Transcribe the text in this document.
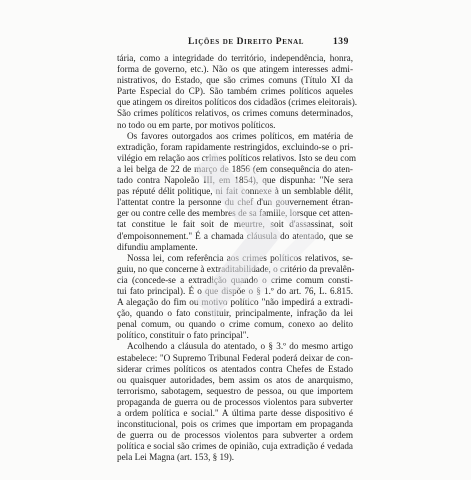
Lições de Direito Penal	139
tária, como a integridade do território, independência, honra,
forma de governo, etc.). Não os que atingem interesses admi-
nistrativos, do Estado, que são crimes comuns (Título XI da
Parte Especial do CP). São também crimes políticos aqueles
que atingem os direitos políticos dos cidadãos (crimes eleitorais).
São crimes políticos relativos, os crimes comuns determinados,
no todo ou em parte, por motivos políticos.
Os favores outorgados aos crimes políticos, em matéria de
extradição, foram rapidamente restringidos, excluindo-se o pri-
vilégio em relação aos crimes políticos relativos. Isto se deu com
a lei belga de 22 de março de 1856 (em consequência do aten-
tado contra Napoleão III, em 1854), que dispunha: "Ne sera
pas réputé délit politique, ni fait connexe à un semblable délit,
l'attentat contre la personne du chef d'un gouvernement étran-
ger ou contre celle des membres de sa famille, lorsque cet atten-
tat constitue le fait soit de meurtre, soit d'assassinat, soit
d'empoisonnement." É a chamada cláusula do atentado, que se
difundiu amplamente.
Nossa lei, com referência aos crimes políticos relativos, se-
guiu, no que concerne à extraditabilidade, o critério da prevalên-
cia (concede-se a extradição quando o crime comum consti-
tui fato principal). É o que dispõe o § 1.º do art. 76, L. 6.815.
A alegação do fim ou motivo político "não impedirá a extradi-
ção, quando o fato constituir, principalmente, infração da lei
penal comum, ou quando o crime comum, conexo ao delito
político, constituir o fato principal".
Acolhendo a cláusula do atentado, o § 3.º do mesmo artigo
estabelece: "O Supremo Tribunal Federal poderá deixar de con-
siderar crimes políticos os atentados contra Chefes de Estado
ou quaisquer autoridades, bem assim os atos de anarquismo,
terrorismo, sabotagem, sequestro de pessoa, ou que importem
propaganda de guerra ou de processos violentos para subverter
a ordem política e social." A última parte desse dispositivo é
inconstitucional, pois os crimes que importam em propaganda
de guerra ou de processos violentos para subverter a ordem
política e social são crimes de opinião, cuja extradição é vedada
pela Lei Magna (art. 153, § 19).
